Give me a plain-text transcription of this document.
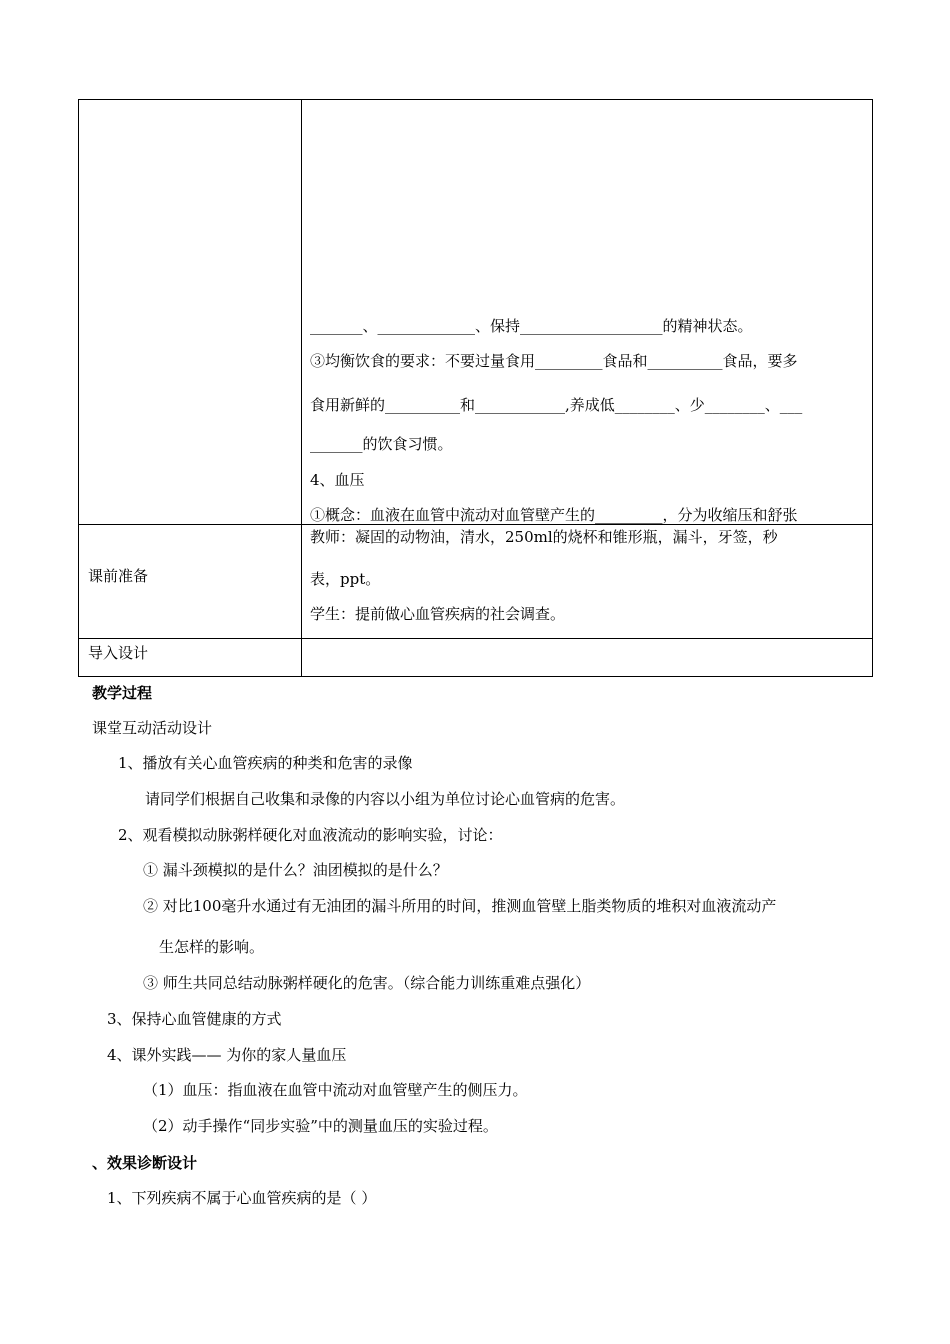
_______、_____________、保持___________________的精神状态。
③均衡饮食的要求：不要过量食用_________食品和__________食品，要多
食用新鲜的__________和____________,养成低________、少________、___
_______的饮食习惯。
4、血压
①概念：血液在血管中流动对血管壁产生的_________，分为收缩压和舒张
课前准备
教师：凝固的动物油，清水，250ml的烧杯和锥形瓶，漏斗，牙签，秒
表，ppt。
学生：提前做心血管疾病的社会调查。
导入设计
教学过程
课堂互动活动设计
1、播放有关心血管疾病的种类和危害的录像
请同学们根据自己收集和录像的内容以小组为单位讨论心血管病的危害。
2、观看模拟动脉粥样硬化对血液流动的影响实验，讨论：
① 漏斗颈模拟的是什么？油团模拟的是什么？
② 对比100毫升水通过有无油团的漏斗所用的时间，推测血管壁上脂类物质的堆积对血液流动产
生怎样的影响。
③ 师生共同总结动脉粥样硬化的危害。（综合能力训练重难点强化）
3、保持心血管健康的方式
4、课外实践—— 为你的家人量血压
（1）血压：指血液在血管中流动对血管壁产生的侧压力。
（2）动手操作“同步实验”中的测量血压的实验过程。
、效果诊断设计
1、下列疾病不属于心血管疾病的是（ ）
